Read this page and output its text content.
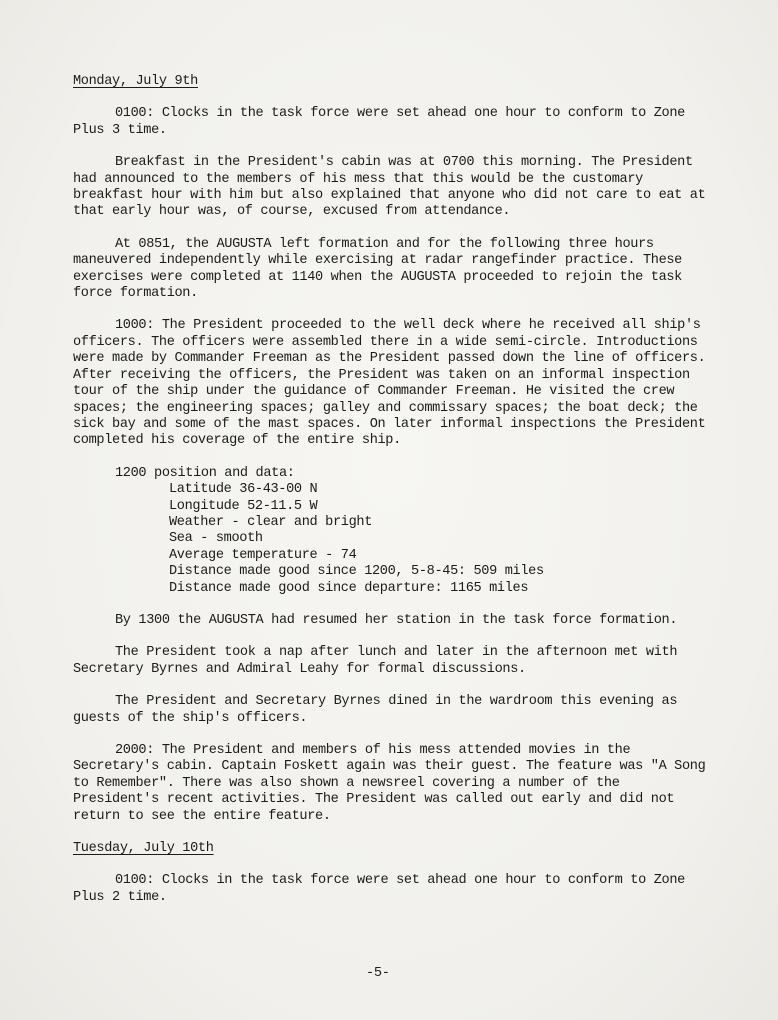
Monday, July 9th

0100: Clocks in the task force were set ahead one hour to conform to Zone Plus 3 time.

Breakfast in the President's cabin was at 0700 this morning. The President had announced to the members of his mess that this would be the customary breakfast hour with him but also explained that anyone who did not care to eat at that early hour was, of course, excused from attendance.

At 0851, the AUGUSTA left formation and for the following three hours maneuvered independently while exercising at radar rangefinder practice. These exercises were completed at 1140 when the AUGUSTA proceeded to rejoin the task force formation.

1000: The President proceeded to the well deck where he received all ship's officers. The officers were assembled there in a wide semi-circle. Introductions were made by Commander Freeman as the President passed down the line of officers. After receiving the officers, the President was taken on an informal inspection tour of the ship under the guidance of Commander Freeman. He visited the crew spaces; the engineering spaces; galley and commissary spaces; the boat deck; the sick bay and some of the mast spaces. On later informal inspections the President completed his coverage of the entire ship.

1200 position and data:

Latitude 36-43-00 N

Longitude 52-11.5 W

Weather - clear and bright

Sea - smooth

Average temperature - 74

Distance made good since 1200, 5-8-45: 509 miles

Distance made good since departure: 1165 miles

By 1300 the AUGUSTA had resumed her station in the task force formation.

The President took a nap after lunch and later in the afternoon met with Secretary Byrnes and Admiral Leahy for formal discussions.

The President and Secretary Byrnes dined in the wardroom this evening as guests of the ship's officers.

2000: The President and members of his mess attended movies in the Secretary's cabin. Captain Foskett again was their guest. The feature was "A Song to Remember". There was also shown a newsreel covering a number of the President's recent activities. The President was called out early and did not return to see the entire feature.

Tuesday, July 10th

0100: Clocks in the task force were set ahead one hour to conform to Zone Plus 2 time.

-5-
